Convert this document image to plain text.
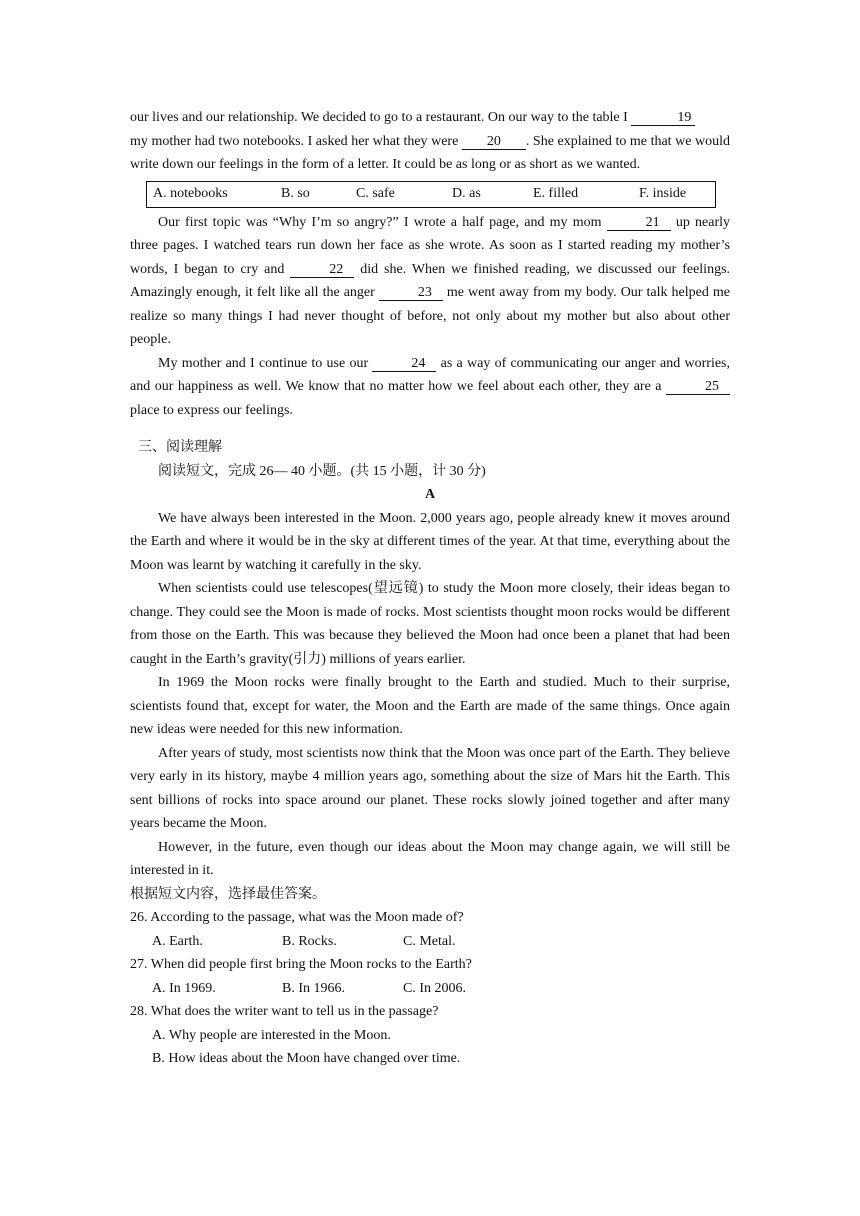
our lives and our relationship. We decided to go to a restaurant. On our way to the table I	19
my mother had two notebooks. I asked her what they were 20 . She explained to me that we would write down our feelings in the form of a letter. It could be as long or as short as we wanted.

A. notebooks	B. so	C. safe	D. as	E. filled	F. inside

Our first topic was “Why I’m so angry?” I wrote a half page, and my mom	21 up nearly three pages. I watched tears run down her face as she wrote. As soon as I started reading my mother’s words, I began to cry and	22 did she. When we finished reading, we discussed our feelings. Amazingly enough, it felt like all the anger	23 me went away from my body. Our talk helped me realize so many things I had never thought of before, not only about my mother but also about other people.

My mother and I continue to use our	24 as a way of communicating our anger and worries, and our happiness as well. We know that no matter how we feel about each other, they are a	25 place to express our feelings.

三、阅读理解

阅读短文，完成 26— 40 小题。(共 15 小题，计 30 分)

A

We have always been interested in the Moon. 2,000 years ago, people already knew it moves around the Earth and where it would be in the sky at different times of the year. At that time, everything about the Moon was learnt by watching it carefully in the sky.

When scientists could use telescopes(望远镜) to study the Moon more closely, their ideas began to change. They could see the Moon is made of rocks. Most scientists thought moon rocks would be different from those on the Earth. This was because they believed the Moon had once been a planet that had been caught in the Earth’s gravity(引力) millions of years earlier.

In 1969 the Moon rocks were finally brought to the Earth and studied. Much to their surprise, scientists found that, except for water, the Moon and the Earth are made of the same things. Once again new ideas were needed for this new information.

After years of study, most scientists now think that the Moon was once part of the Earth. They believe very early in its history, maybe 4 million years ago, something about the size of Mars hit the Earth. This sent billions of rocks into space around our planet. These rocks slowly joined together and after many years became the Moon.

However, in the future, even though our ideas about the Moon may change again, we will still be interested in it.

根据短文内容，选择最佳答案。

26. According to the passage, what was the Moon made of?

A. Earth.	B. Rocks.	C. Metal.

27. When did people first bring the Moon rocks to the Earth?

A. In 1969.	B. In 1966.	C. In 2006.

28. What does the writer want to tell us in the passage?

A. Why people are interested in the Moon.

B. How ideas about the Moon have changed over time.
